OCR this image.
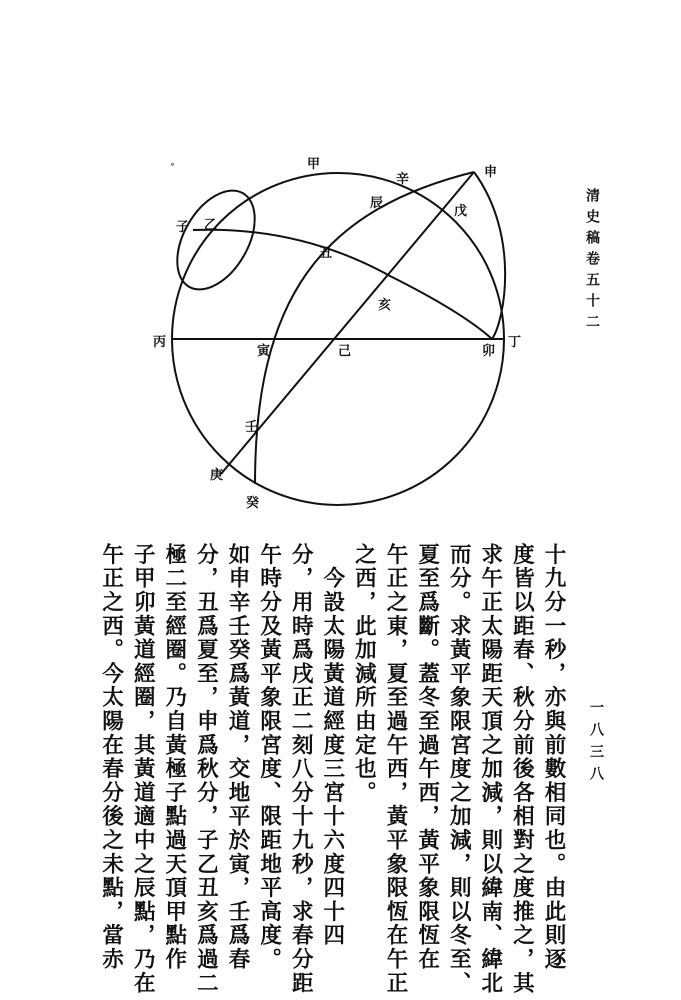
˚	甲
申
辛
辰
戊
子 乙
丑
亥
丙
寅	己	卯
丁
壬
庚
癸
清史稿卷五十二
一八三八
十九分一秒，亦與前數相同也。由此則逐
度皆以距春、秋分前後各相對之度推之，其
求午正太陽距天頂之加減，則以緯南、緯北
而分。求黃平象限宮度之加減，則以冬至、
夏至爲斷。蓋冬至過午西，黃平象限恆在
午正之東，夏至過午西，黃平象限恆在午正
之西，此加減所由定也。
　今設太陽黃道經度三宮十六度四十四
分，用時爲戌正二刻八分十九秒，求春分距
午時分及黃平象限宮度、限距地平高度。
如申辛壬癸爲黃道，交地平於寅，壬爲春
分，丑爲夏至，申爲秋分，子乙丑亥爲過二
極二至經圈。乃自黃極子點過天頂甲點作
子甲卯黃道經圈，其黃道適中之辰點，乃在
午正之西。今太陽在春分後之未點，當赤
